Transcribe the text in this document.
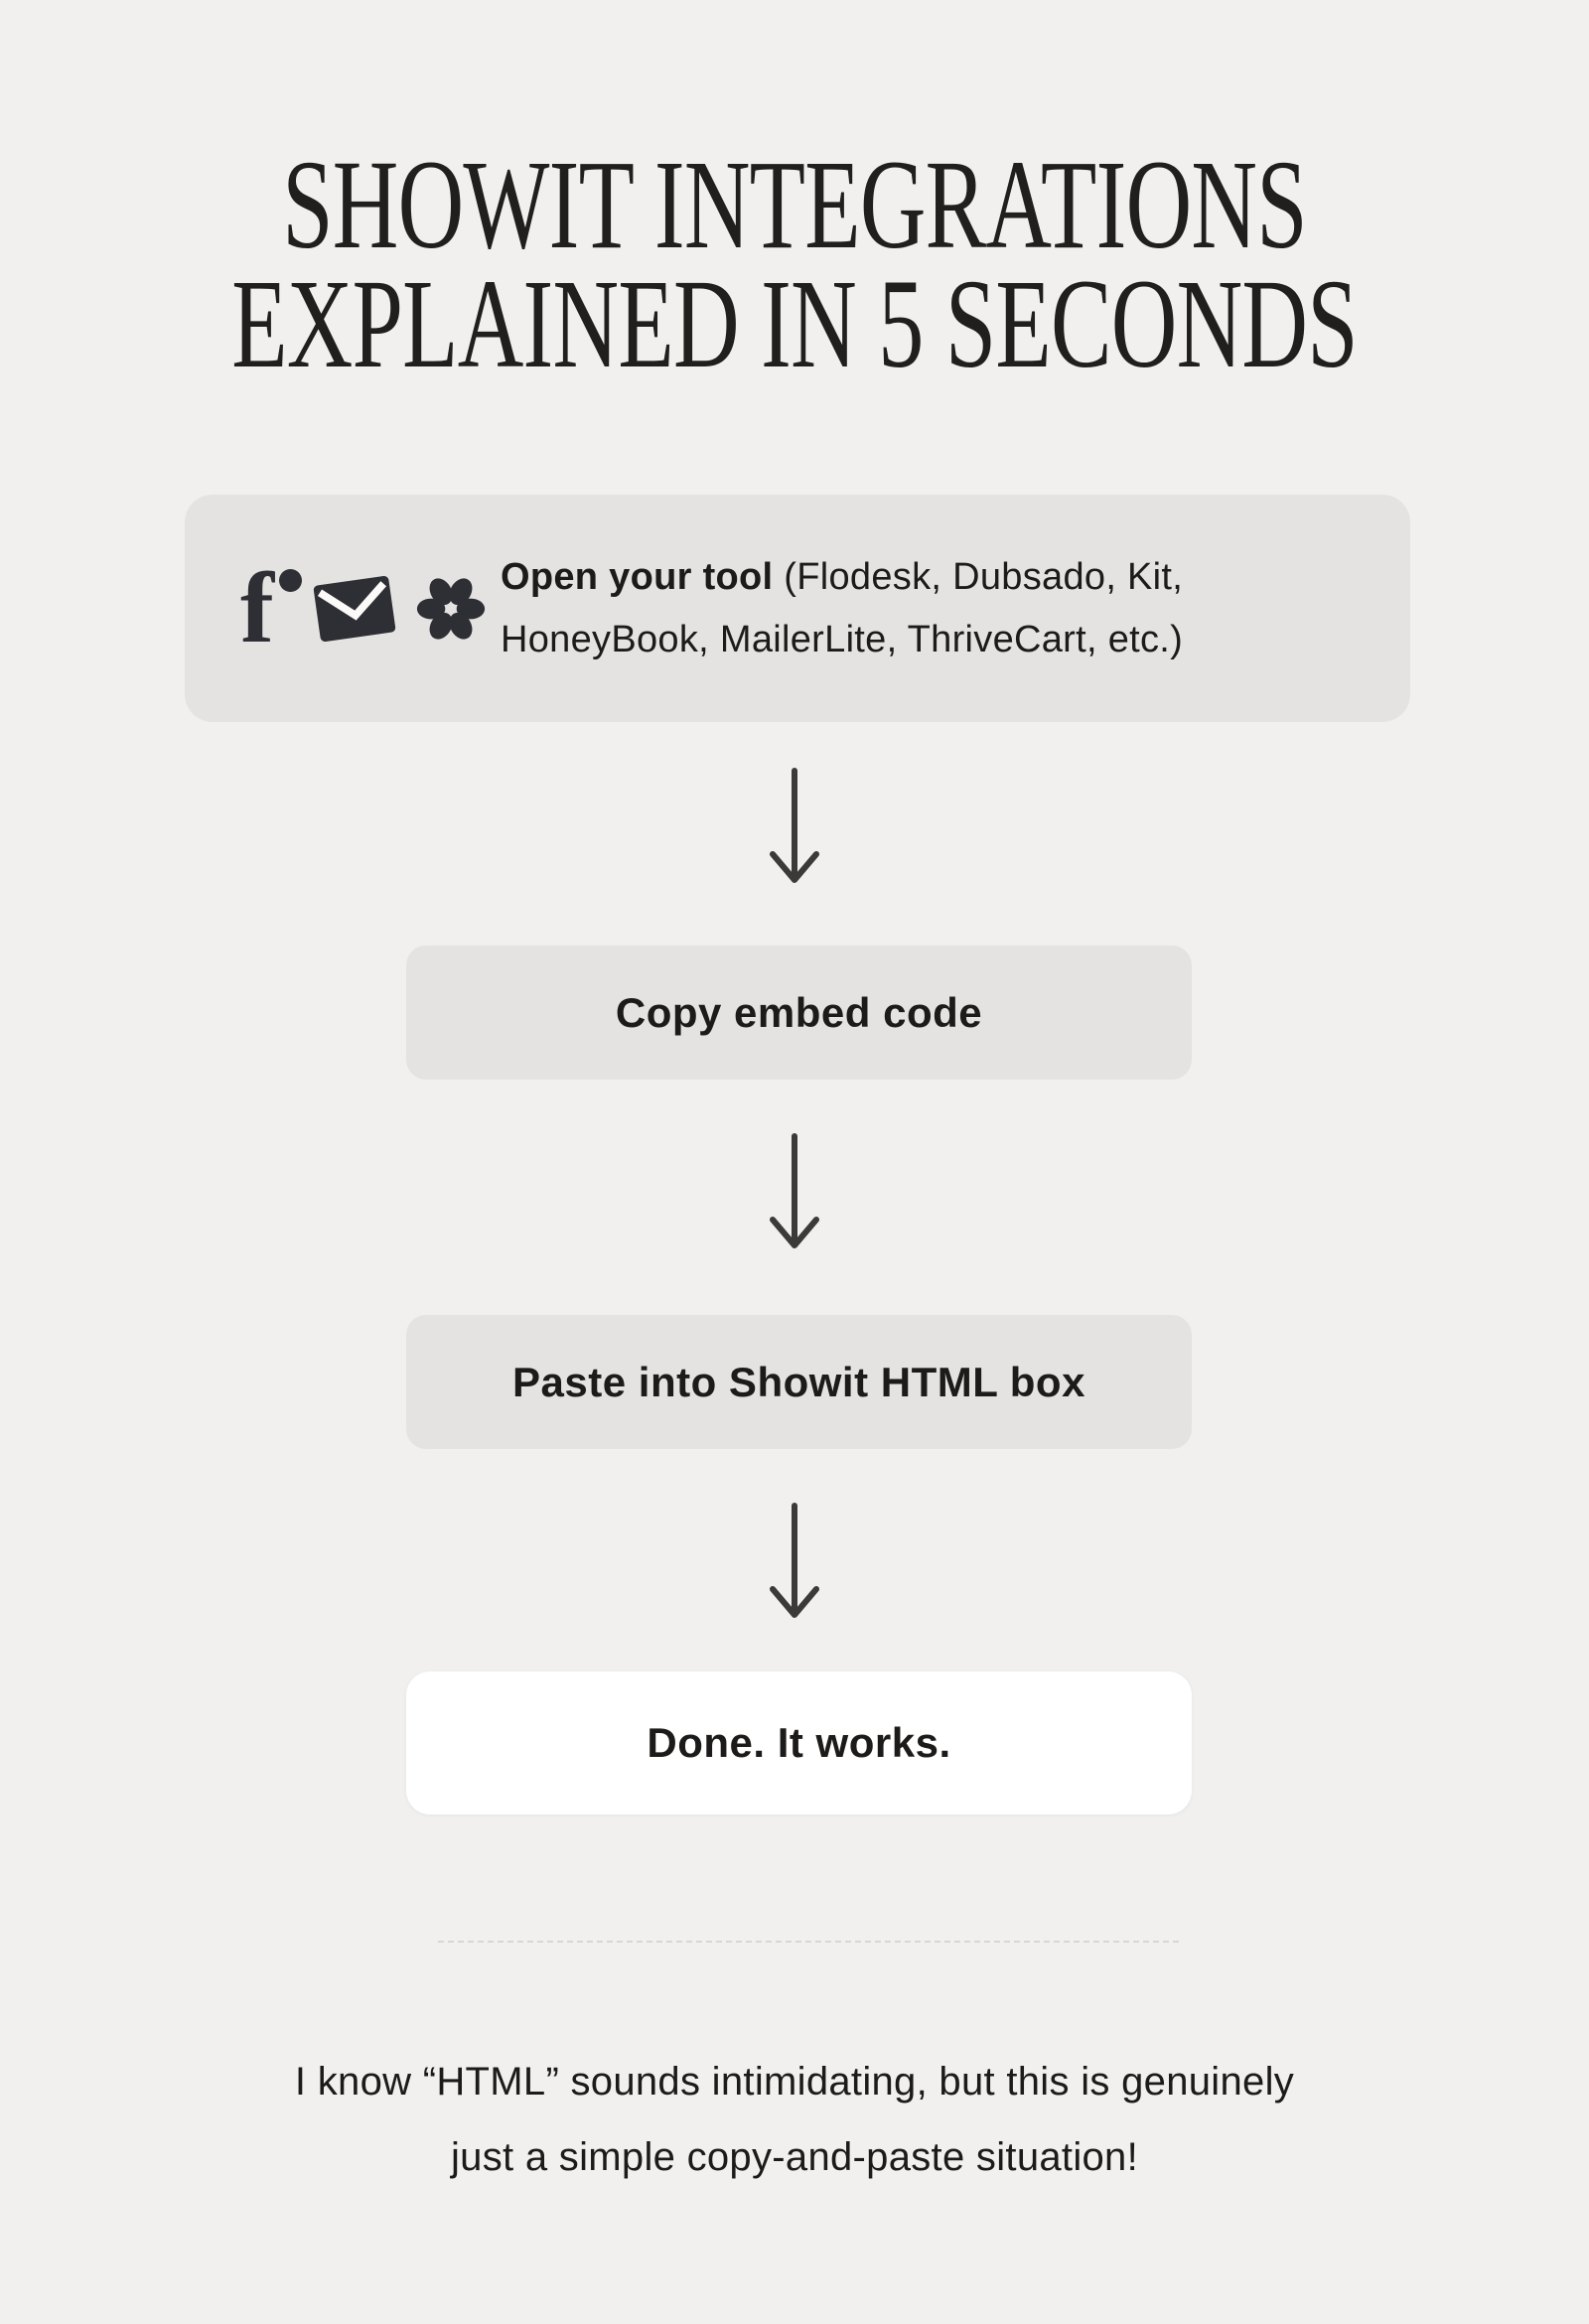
SHOWIT INTEGRATIONS
EXPLAINED IN 5 SECONDS
f	Open your tool (Flodesk, Dubsado, Kit,
HoneyBook, MailerLite, ThriveCart, etc.)
Copy embed code
Paste into Showit HTML box
Done. It works.
I know “HTML” sounds intimidating, but this is genuinely
just a simple copy-and-paste situation!
